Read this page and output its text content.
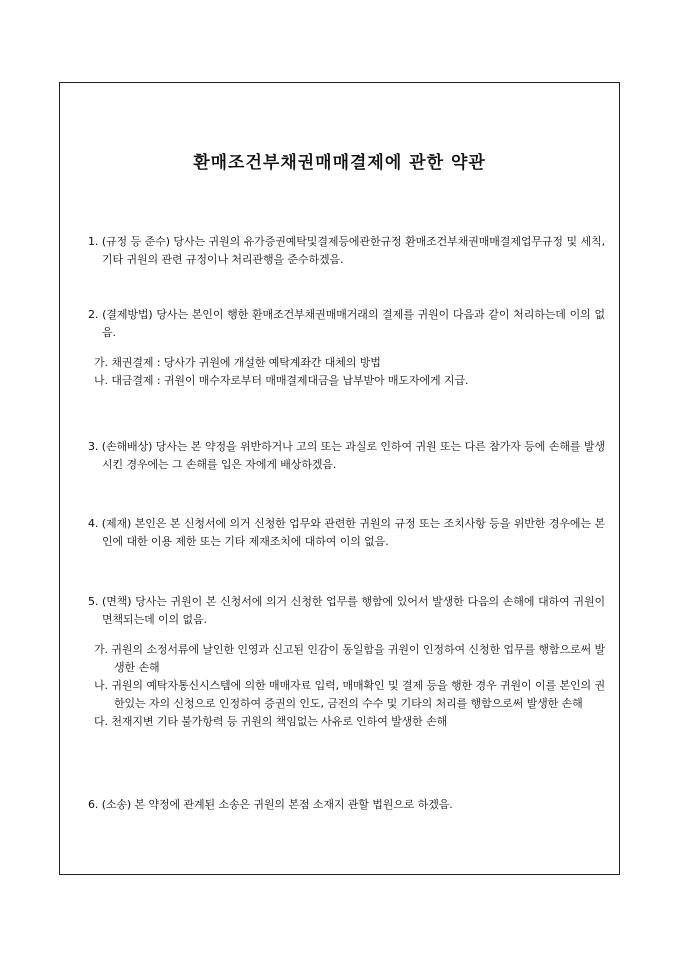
환매조건부채권매매결제에 관한 약관
1. (규정 등 준수) 당사는 귀원의 유가증권예탁및결제등에관한규정 환매조건부채권매매결제업무규정 및 세칙, 기타 귀원의 관련 규정이나 처리관행을 준수하겠음.
2. (결제방법) 당사는 본인이 행한 환매조건부채권매매거래의 결제를 귀원이 다음과 같이 처리하는데 이의 없음.
가. 채권결제 : 당사가 귀원에 개설한 예탁계좌간 대체의 방법
나. 대금결제 : 귀원이 매수자로부터 매매결제대금을 납부받아 매도자에게 지급.
3. (손해배상) 당사는 본 약정을 위반하거나 고의 또는 과실로 인하여 귀원 또는 다른 참가자 등에 손해를 발생시킨 경우에는 그 손해를 입은 자에게 배상하겠음.
4. (제재) 본인은 본 신청서에 의거 신청한 업무와 관련한 귀원의 규정 또는 조치사항 등을 위반한 경우에는 본인에 대한 이용 제한 또는 기타 제재조치에 대하여 이의 없음.
5. (면책) 당사는 귀원이 본 신청서에 의거 신청한 업무를 행함에 있어서 발생한 다음의 손해에 대하여 귀원이 면책되는데 이의 없음.
가. 귀원의 소정서류에 날인한 인영과 신고된 인감이 동일함을 귀원이 인정하여 신청한 업무를 행함으로써 발생한 손해
나. 귀원의 예탁자통신시스템에 의한 매매자료 입력, 매매확인 및 결제 등을 행한 경우 귀원이 이를 본인의 권한있는 자의 신청으로 인정하여 증권의 인도, 금전의 수수 및 기타의 처리를 행함으로써 발생한 손해
다. 천재지변 기타 불가항력 등 귀원의 책임없는 사유로 인하여 발생한 손해
6. (소송) 본 약정에 관계된 소송은 귀원의 본점 소재지 관할 법원으로 하겠음.
